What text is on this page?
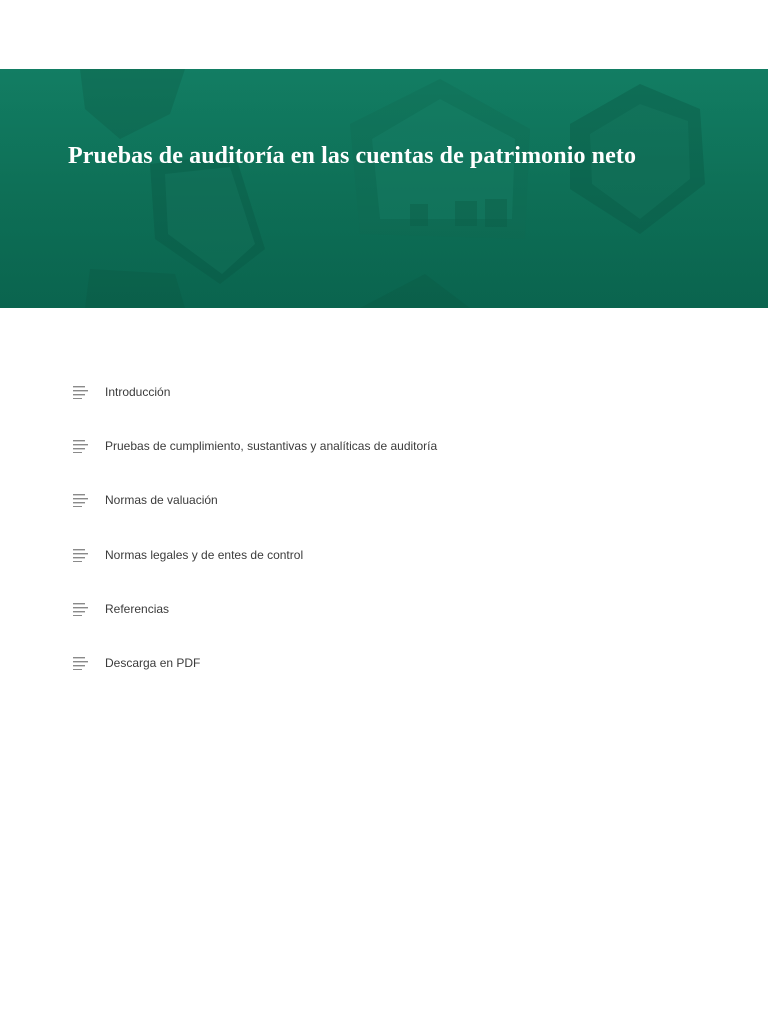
Pruebas de auditoría en las cuentas de patrimonio neto
Introducción
Pruebas de cumplimiento, sustantivas y analíticas de auditoría
Normas de valuación
Normas legales y de entes de control
Referencias
Descarga en PDF
